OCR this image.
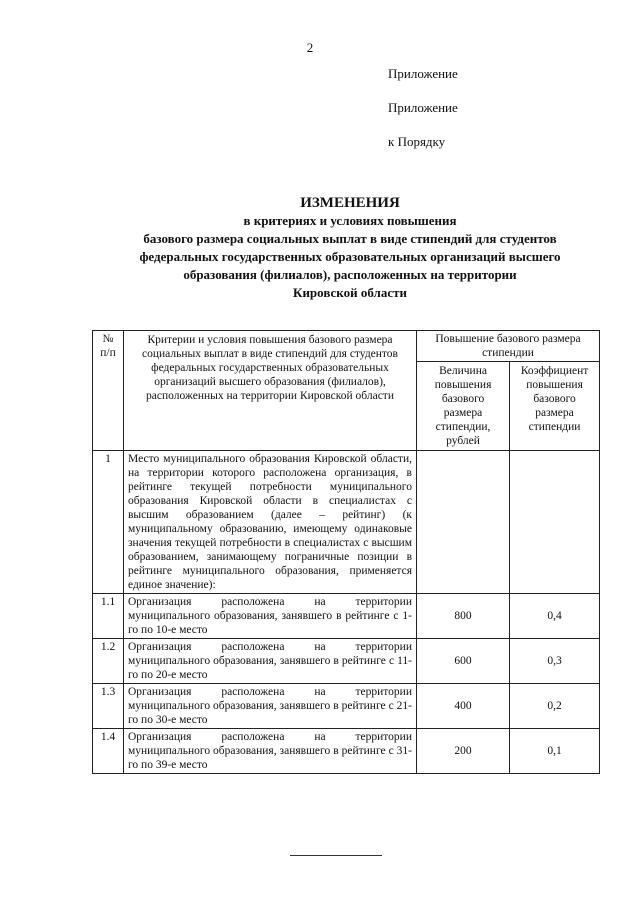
2
Приложение
Приложение
к Порядку
ИЗМЕНЕНИЯ
в критериях и условиях повышения
базового размера социальных выплат в виде стипендий для студентов
федеральных государственных образовательных организаций высшего
образования (филиалов), расположенных на территории
Кировской области
№ п/п	Критерии и условия повышения базового размера социальных выплат в виде стипендий для студентов федеральных государственных образовательных организаций высшего образования (филиалов), расположенных на территории Кировской области	Повышение базового размера стипендии	
		Величина повышения базового размера стипендии, рублей	Коэффициент повышения базового размера стипендии
1	Место муниципального образования Кировской области, на территории которого расположена организация, в рейтинге текущей потребности муниципального образования Кировской области в специалистах с высшим образованием (далее – рейтинг) (к муниципальному образованию, имеющему одинаковые значения текущей потребности в специалистах с высшим образованием, занимающему пограничные позиции в рейтинге муниципального образования, применяется единое значение):		
1.1	Организация расположена на территории муниципального образования, занявшего в рейтинге с 1-го по 10-е место	800	0,4
1.2	Организация расположена на территории муниципального образования, занявшего в рейтинге с 11-го по 20-е место	600	0,3
1.3	Организация расположена на территории муниципального образования, занявшего в рейтинге с 21-го по 30-е место	400	0,2
1.4	Организация расположена на территории муниципального образования, занявшего в рейтинге с 31-го по 39-е место	200	0,1
